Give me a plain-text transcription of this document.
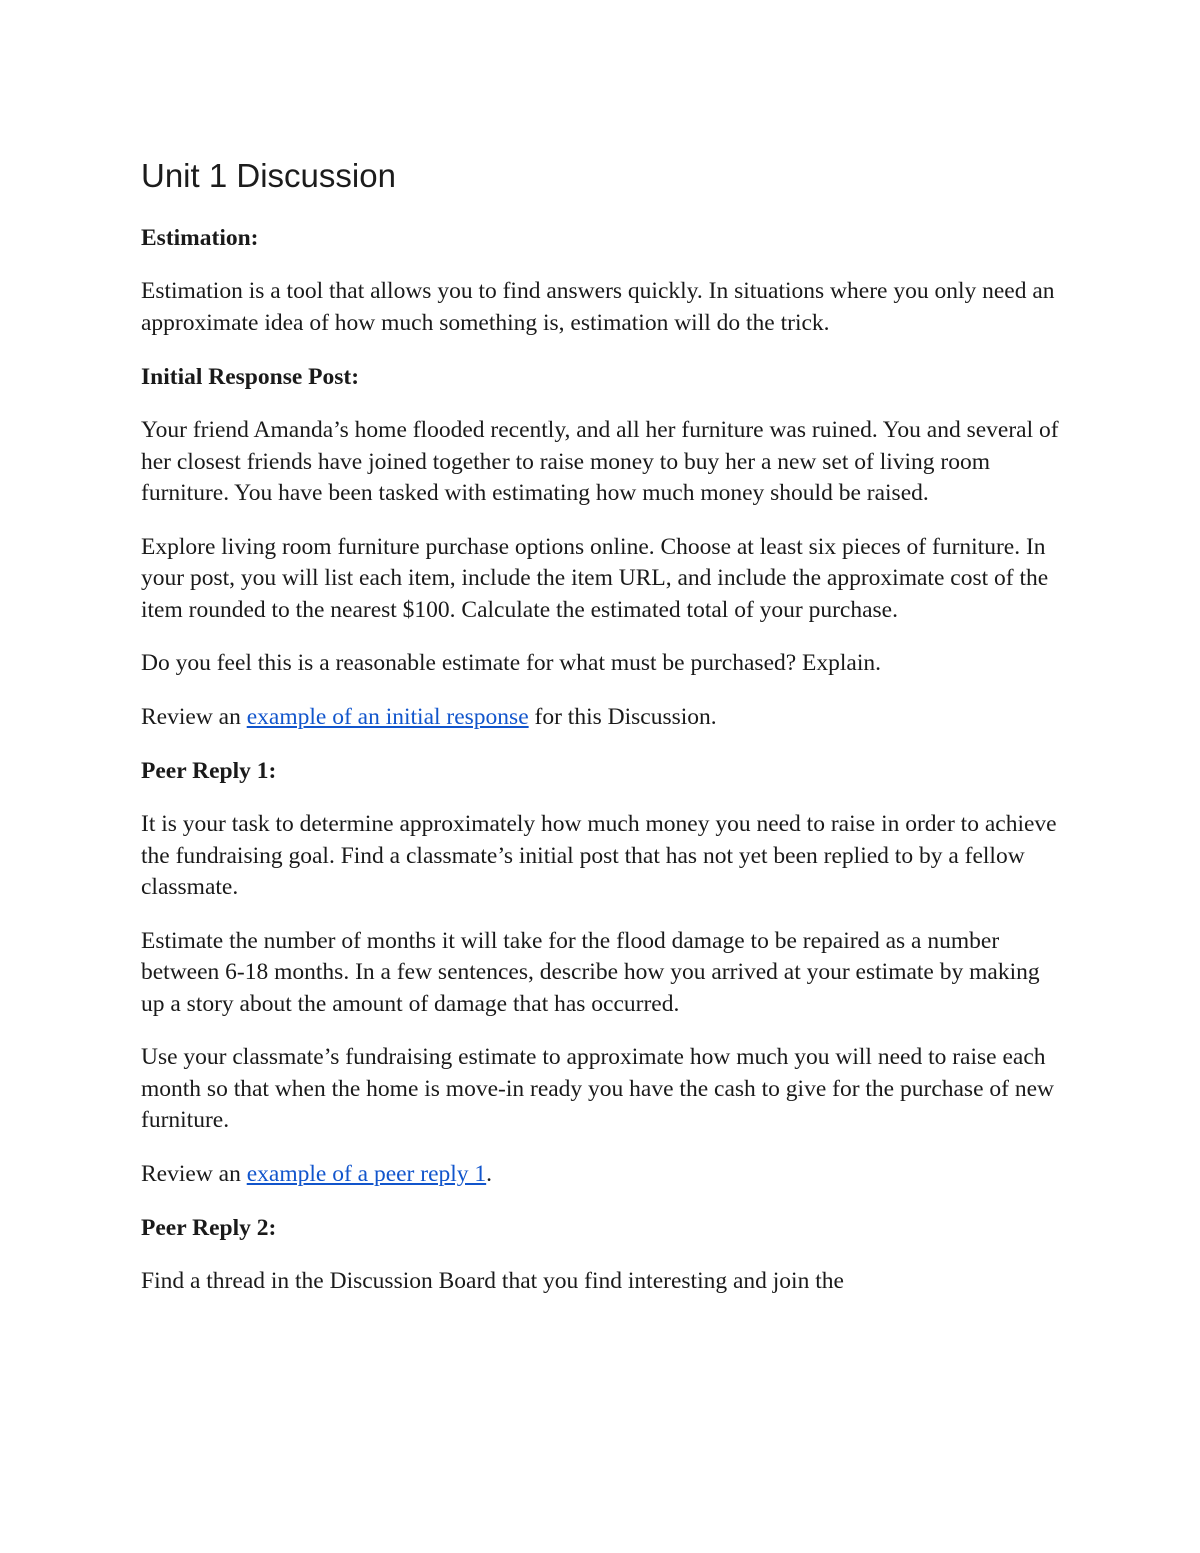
Unit 1 Discussion
Estimation:

Estimation is a tool that allows you to find answers quickly. In situations where you only need an approximate idea of how much something is, estimation will do the trick.

Initial Response Post:

Your friend Amanda’s home flooded recently, and all her furniture was ruined. You and several of her closest friends have joined together to raise money to buy her a new set of living room furniture. You have been tasked with estimating how much money should be raised.

Explore living room furniture purchase options online. Choose at least six pieces of furniture. In your post, you will list each item, include the item URL, and include the approximate cost of the item rounded to the nearest $100. Calculate the estimated total of your purchase.

Do you feel this is a reasonable estimate for what must be purchased? Explain.

Review an example of an initial response for this Discussion.

Peer Reply 1:

It is your task to determine approximately how much money you need to raise in order to achieve the fundraising goal. Find a classmate’s initial post that has not yet been replied to by a fellow classmate.

Estimate the number of months it will take for the flood damage to be repaired as a number between 6-18 months. In a few sentences, describe how you arrived at your estimate by making up a story about the amount of damage that has occurred.

Use your classmate’s fundraising estimate to approximate how much you will need to raise each month so that when the home is move-in ready you have the cash to give for the purchase of new furniture.

Review an example of a peer reply 1.

Peer Reply 2:

Find a thread in the Discussion Board that you find interesting and join the
